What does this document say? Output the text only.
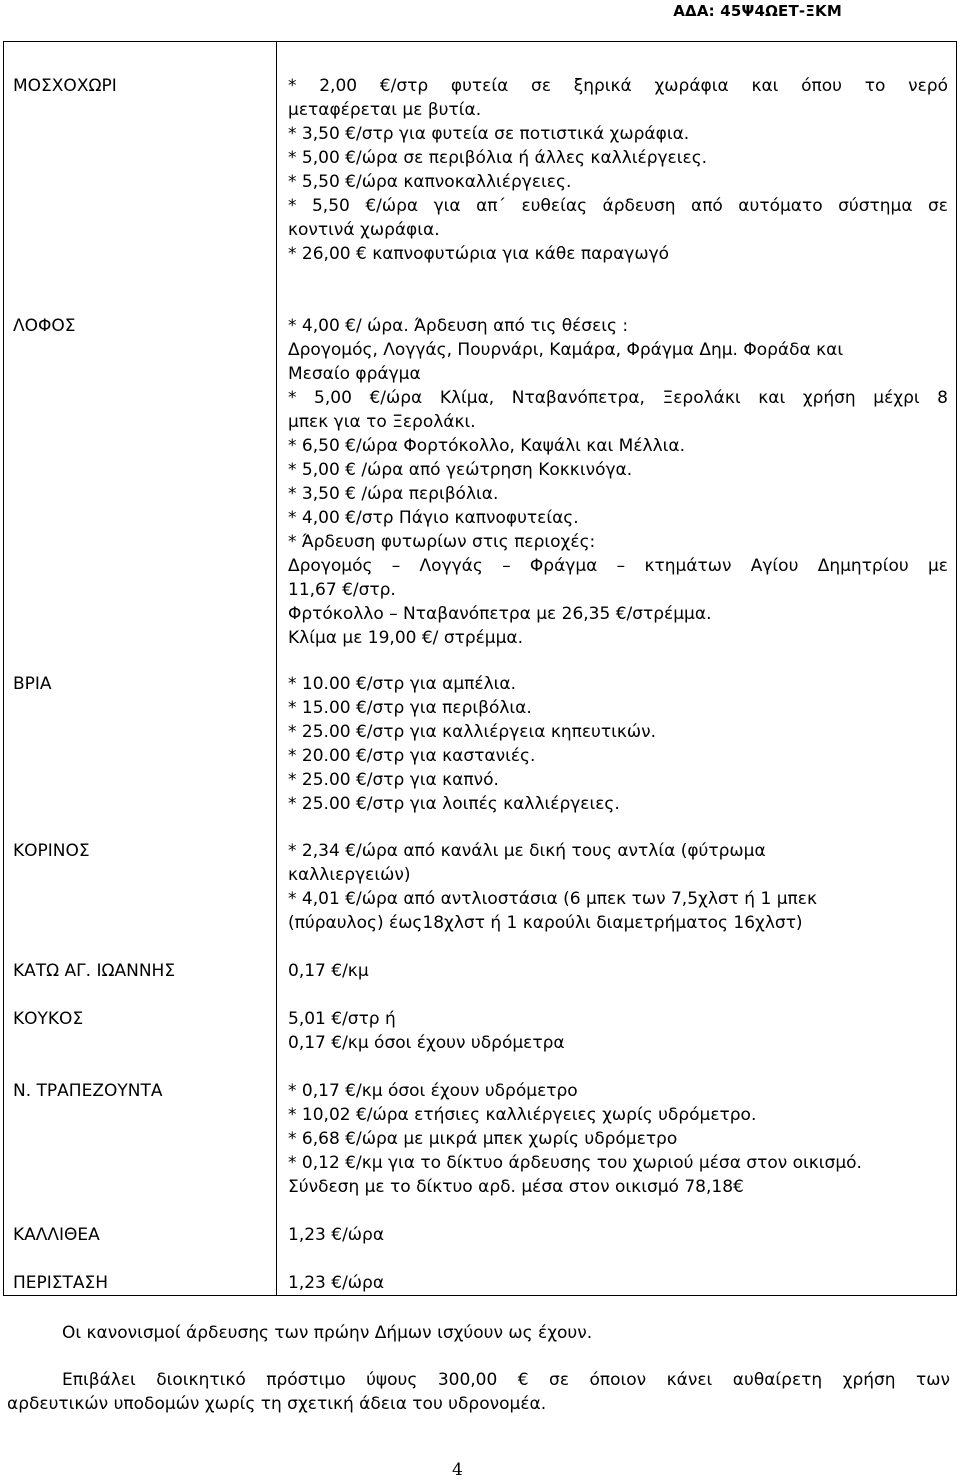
ΑΔΑ: 45Ψ4ΩΕΤ-ΞΚΜ
ΜΟΣΧΟΧΩΡΙ	* 2,00 €/στρ φυτεία σε ξηρικά χωράφια και όπου το νερό
μεταφέρεται με βυτία.
* 3,50 €/στρ για φυτεία σε ποτιστικά χωράφια.
* 5,00 €/ώρα σε περιβόλια ή άλλες καλλιέργειες.
* 5,50 €/ώρα καπνοκαλλιέργειες.
* 5,50 €/ώρα για απ΄ ευθείας άρδευση από αυτόματο σύστημα σε
κοντινά χωράφια.
* 26,00 € καπνοφυτώρια για κάθε παραγωγό
ΛΟΦΟΣ	* 4,00 €/ ώρα. Άρδευση από τις θέσεις :
Δρογομός, Λογγάς, Πουρνάρι, Καμάρα, Φράγμα Δημ. Φοράδα και
Μεσαίο φράγμα
* 5,00 €/ώρα Κλίμα, Νταβανόπετρα, Ξερολάκι και χρήση μέχρι 8
μπεκ για το Ξερολάκι.
* 6,50 €/ώρα Φορτόκολλο, Καψάλι και Μέλλια.
* 5,00 € /ώρα από γεώτρηση Κοκκινόγα.
* 3,50 € /ώρα περιβόλια.
* 4,00 €/στρ Πάγιο καπνοφυτείας.
* Άρδευση φυτωρίων στις περιοχές:
Δρογομός – Λογγάς – Φράγμα – κτημάτων Αγίου Δημητρίου με
11,67 €/στρ.
Φρτόκολλο – Νταβανόπετρα με 26,35 €/στρέμμα.
Κλίμα με 19,00 €/ στρέμμα.
ΒΡΙΑ	* 10.00 €/στρ για αμπέλια.
* 15.00 €/στρ για περιβόλια.
* 25.00 €/στρ για καλλιέργεια κηπευτικών.
* 20.00 €/στρ για καστανιές.
* 25.00 €/στρ για καπνό.
* 25.00 €/στρ για λοιπές καλλιέργειες.
ΚΟΡΙΝΟΣ	* 2,34 €/ώρα από κανάλι με δική τους αντλία (φύτρωμα
καλλιεργειών)
* 4,01 €/ώρα από αντλιοστάσια (6 μπεκ των 7,5χλστ ή 1 μπεκ
(πύραυλος) έως18χλστ ή 1 καρούλι διαμετρήματος 16χλστ)
ΚΑΤΩ ΑΓ. ΙΩΑΝΝΗΣ	0,17 €/κμ
ΚΟΥΚΟΣ	5,01 €/στρ ή
0,17 €/κμ όσοι έχουν υδρόμετρα
Ν. ΤΡΑΠΕΖΟΥΝΤΑ	* 0,17 €/κμ όσοι έχουν υδρόμετρο
* 10,02 €/ώρα ετήσιες καλλιέργειες χωρίς υδρόμετρο.
* 6,68 €/ώρα με μικρά μπεκ χωρίς υδρόμετρο
* 0,12 €/κμ για το δίκτυο άρδευσης του χωριού μέσα στον οικισμό.
Σύνδεση με το δίκτυο αρδ. μέσα στον οικισμό 78,18€
ΚΑΛΛΙΘΕΑ	1,23 €/ώρα
ΠΕΡΙΣΤΑΣΗ	1,23 €/ώρα
Οι κανονισμοί άρδευσης των πρώην Δήμων ισχύουν ως έχουν.
Επιβάλει διοικητικό πρόστιμο ύψους 300,00 € σε όποιον κάνει αυθαίρετη χρήση των
αρδευτικών υποδομών χωρίς τη σχετική άδεια του υδρονομέα.
4
